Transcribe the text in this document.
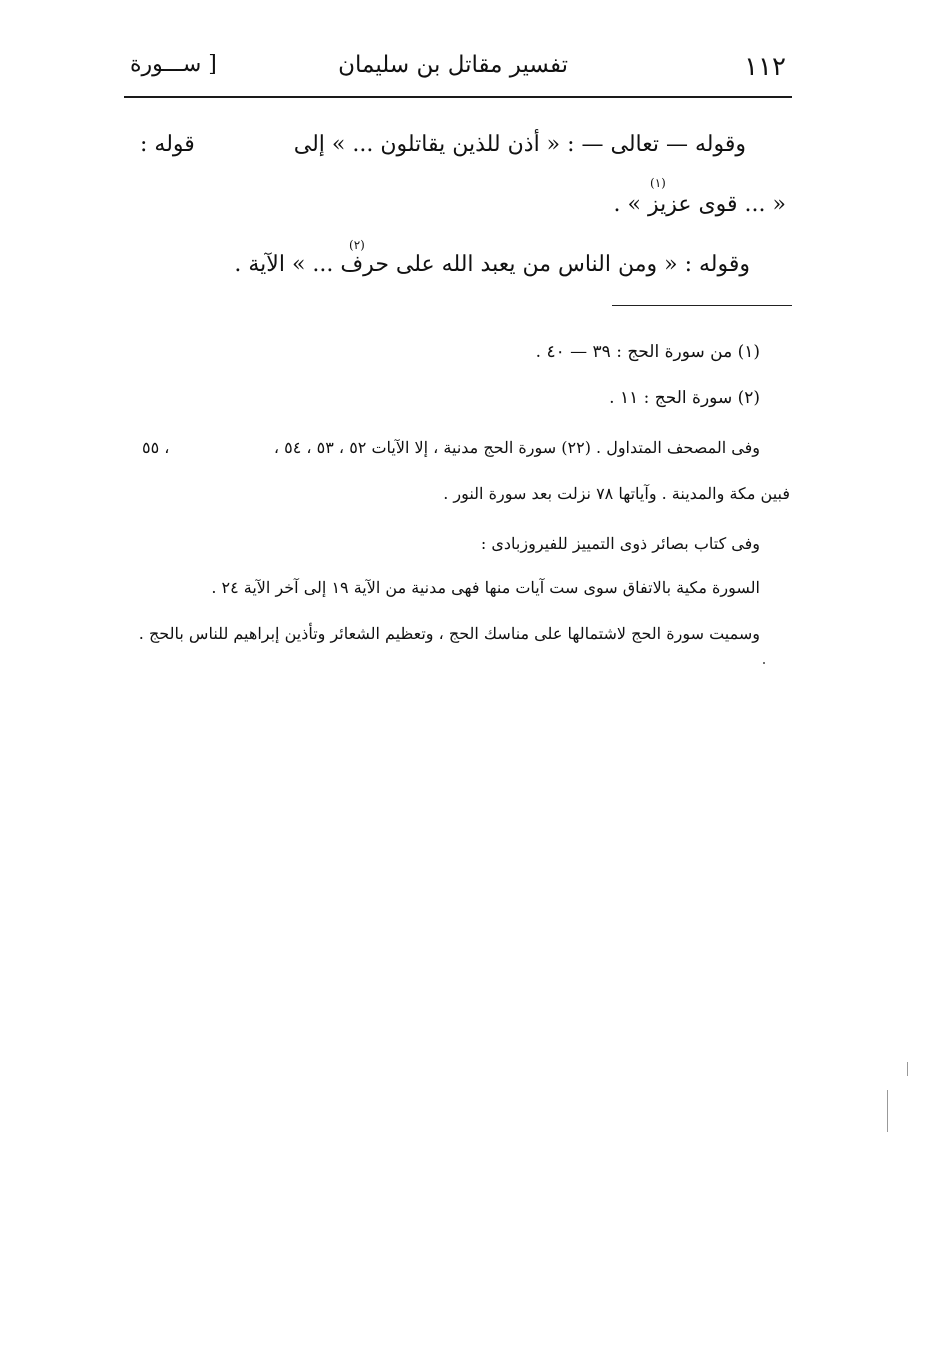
١١٢
تفسير مقاتل بن سليمان
[ ســـورة
وقوله — تعالى — : « أذن للذين يقاتلون ... » إلى
قوله :
(١)
« ... قوى عزيز » .
(٢)
وقوله : « ومن الناس من يعبد الله على حرف ... » الآية .
(١) من سورة الحج : ٣٩ — ٤٠ .
(٢) سورة الحج : ١١ .
وفى المصحف المتداول . (٢٢) سورة الحج مدنية ، إلا الآيات ٥٢ ، ٥٣ ، ٥٤ ،
٥٥ ،
فبين مكة والمدينة . وآياتها ٧٨ نزلت بعد سورة النور .
وفى كتاب بصائر ذوى التمييز للفيروزبادى :
السورة مكية بالاتفاق سوى ست آيات منها فهى مدنية من الآية ١٩ إلى آخر الآية ٢٤ .
وسميت سورة الحج لاشتمالها على مناسك الحج ، وتعظيم الشعائر وتأذين إبراهيم للناس بالحج .
